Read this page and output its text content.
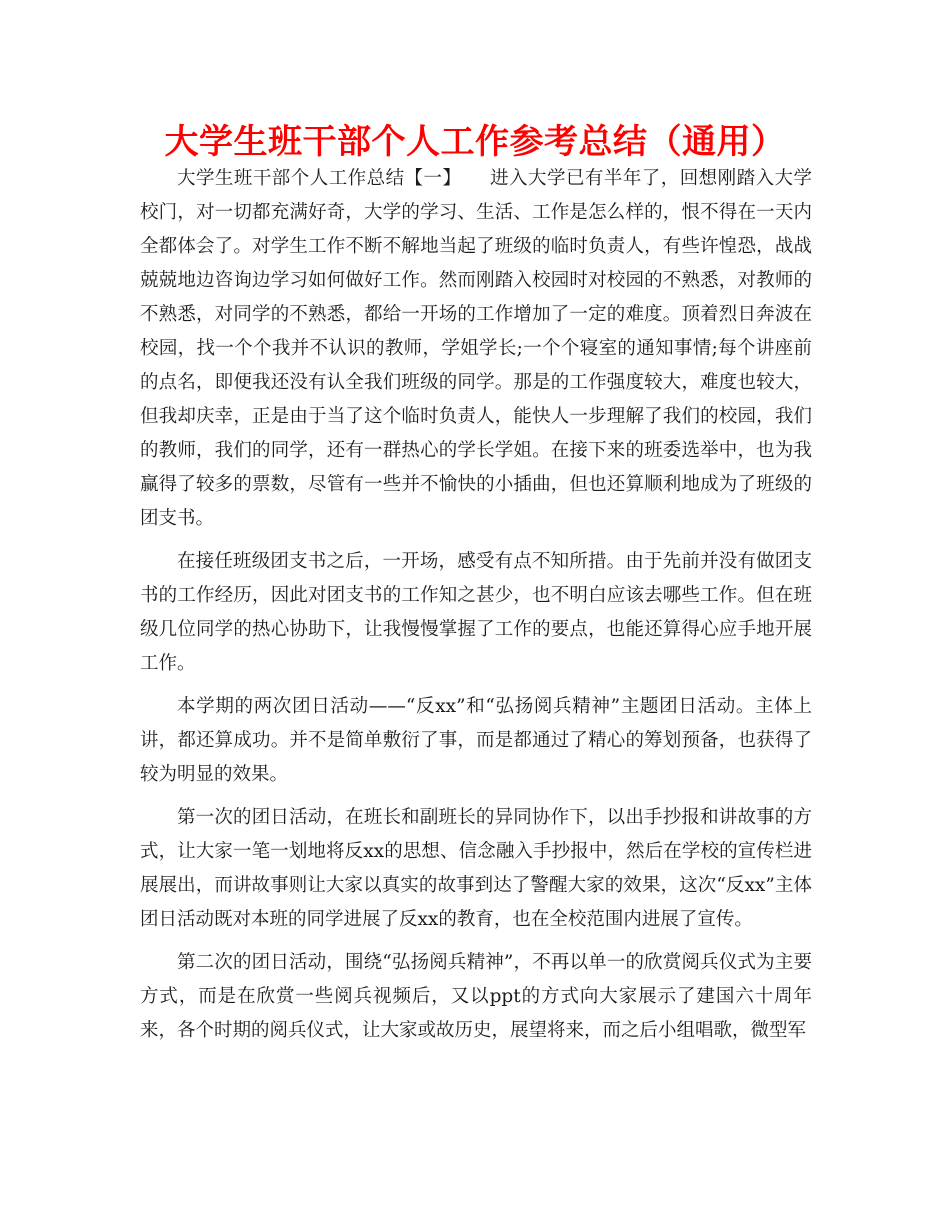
大学生班干部个人工作参考总结（通用）

大学生班干部个人工作总结【一】　　进入大学已有半年了，回想刚踏入大学校门，对一切都充满好奇，大学的学习、生活、工作是怎么样的，恨不得在一天内全都体会了。对学生工作不断不解地当起了班级的临时负责人，有些许惶恐，战战兢兢地边咨询边学习如何做好工作。然而刚踏入校园时对校园的不熟悉，对教师的不熟悉，对同学的不熟悉，都给一开场的工作增加了一定的难度。顶着烈日奔波在校园，找一个个我并不认识的教师，学姐学长;一个个寝室的通知事情;每个讲座前的点名，即便我还没有认全我们班级的同学。那是的工作强度较大，难度也较大，但我却庆幸，正是由于当了这个临时负责人，能快人一步理解了我们的校园，我们的教师，我们的同学，还有一群热心的学长学姐。在接下来的班委选举中，也为我赢得了较多的票数，尽管有一些并不愉快的小插曲，但也还算顺利地成为了班级的团支书。

在接任班级团支书之后，一开场，感受有点不知所措。由于先前并没有做团支书的工作经历，因此对团支书的工作知之甚少，也不明白应该去哪些工作。但在班级几位同学的热心协助下，让我慢慢掌握了工作的要点，也能还算得心应手地开展工作。

本学期的两次团日活动——“反xx”和“弘扬阅兵精神”主题团日活动。主体上讲，都还算成功。并不是简单敷衍了事，而是都通过了精心的筹划预备，也获得了较为明显的效果。

第一次的团日活动，在班长和副班长的异同协作下，以出手抄报和讲故事的方式，让大家一笔一划地将反xx的思想、信念融入手抄报中，然后在学校的宣传栏进展展出，而讲故事则让大家以真实的故事到达了警醒大家的效果，这次“反xx”主体团日活动既对本班的同学进展了反xx的教育，也在全校范围内进展了宣传。

第二次的团日活动，围绕“弘扬阅兵精神”，不再以单一的欣赏阅兵仪式为主要方式，而是在欣赏一些阅兵视频后，又以ppt的方式向大家展示了建国六十周年来，各个时期的阅兵仪式，让大家或故历史，展望将来，而之后小组唱歌，微型军
